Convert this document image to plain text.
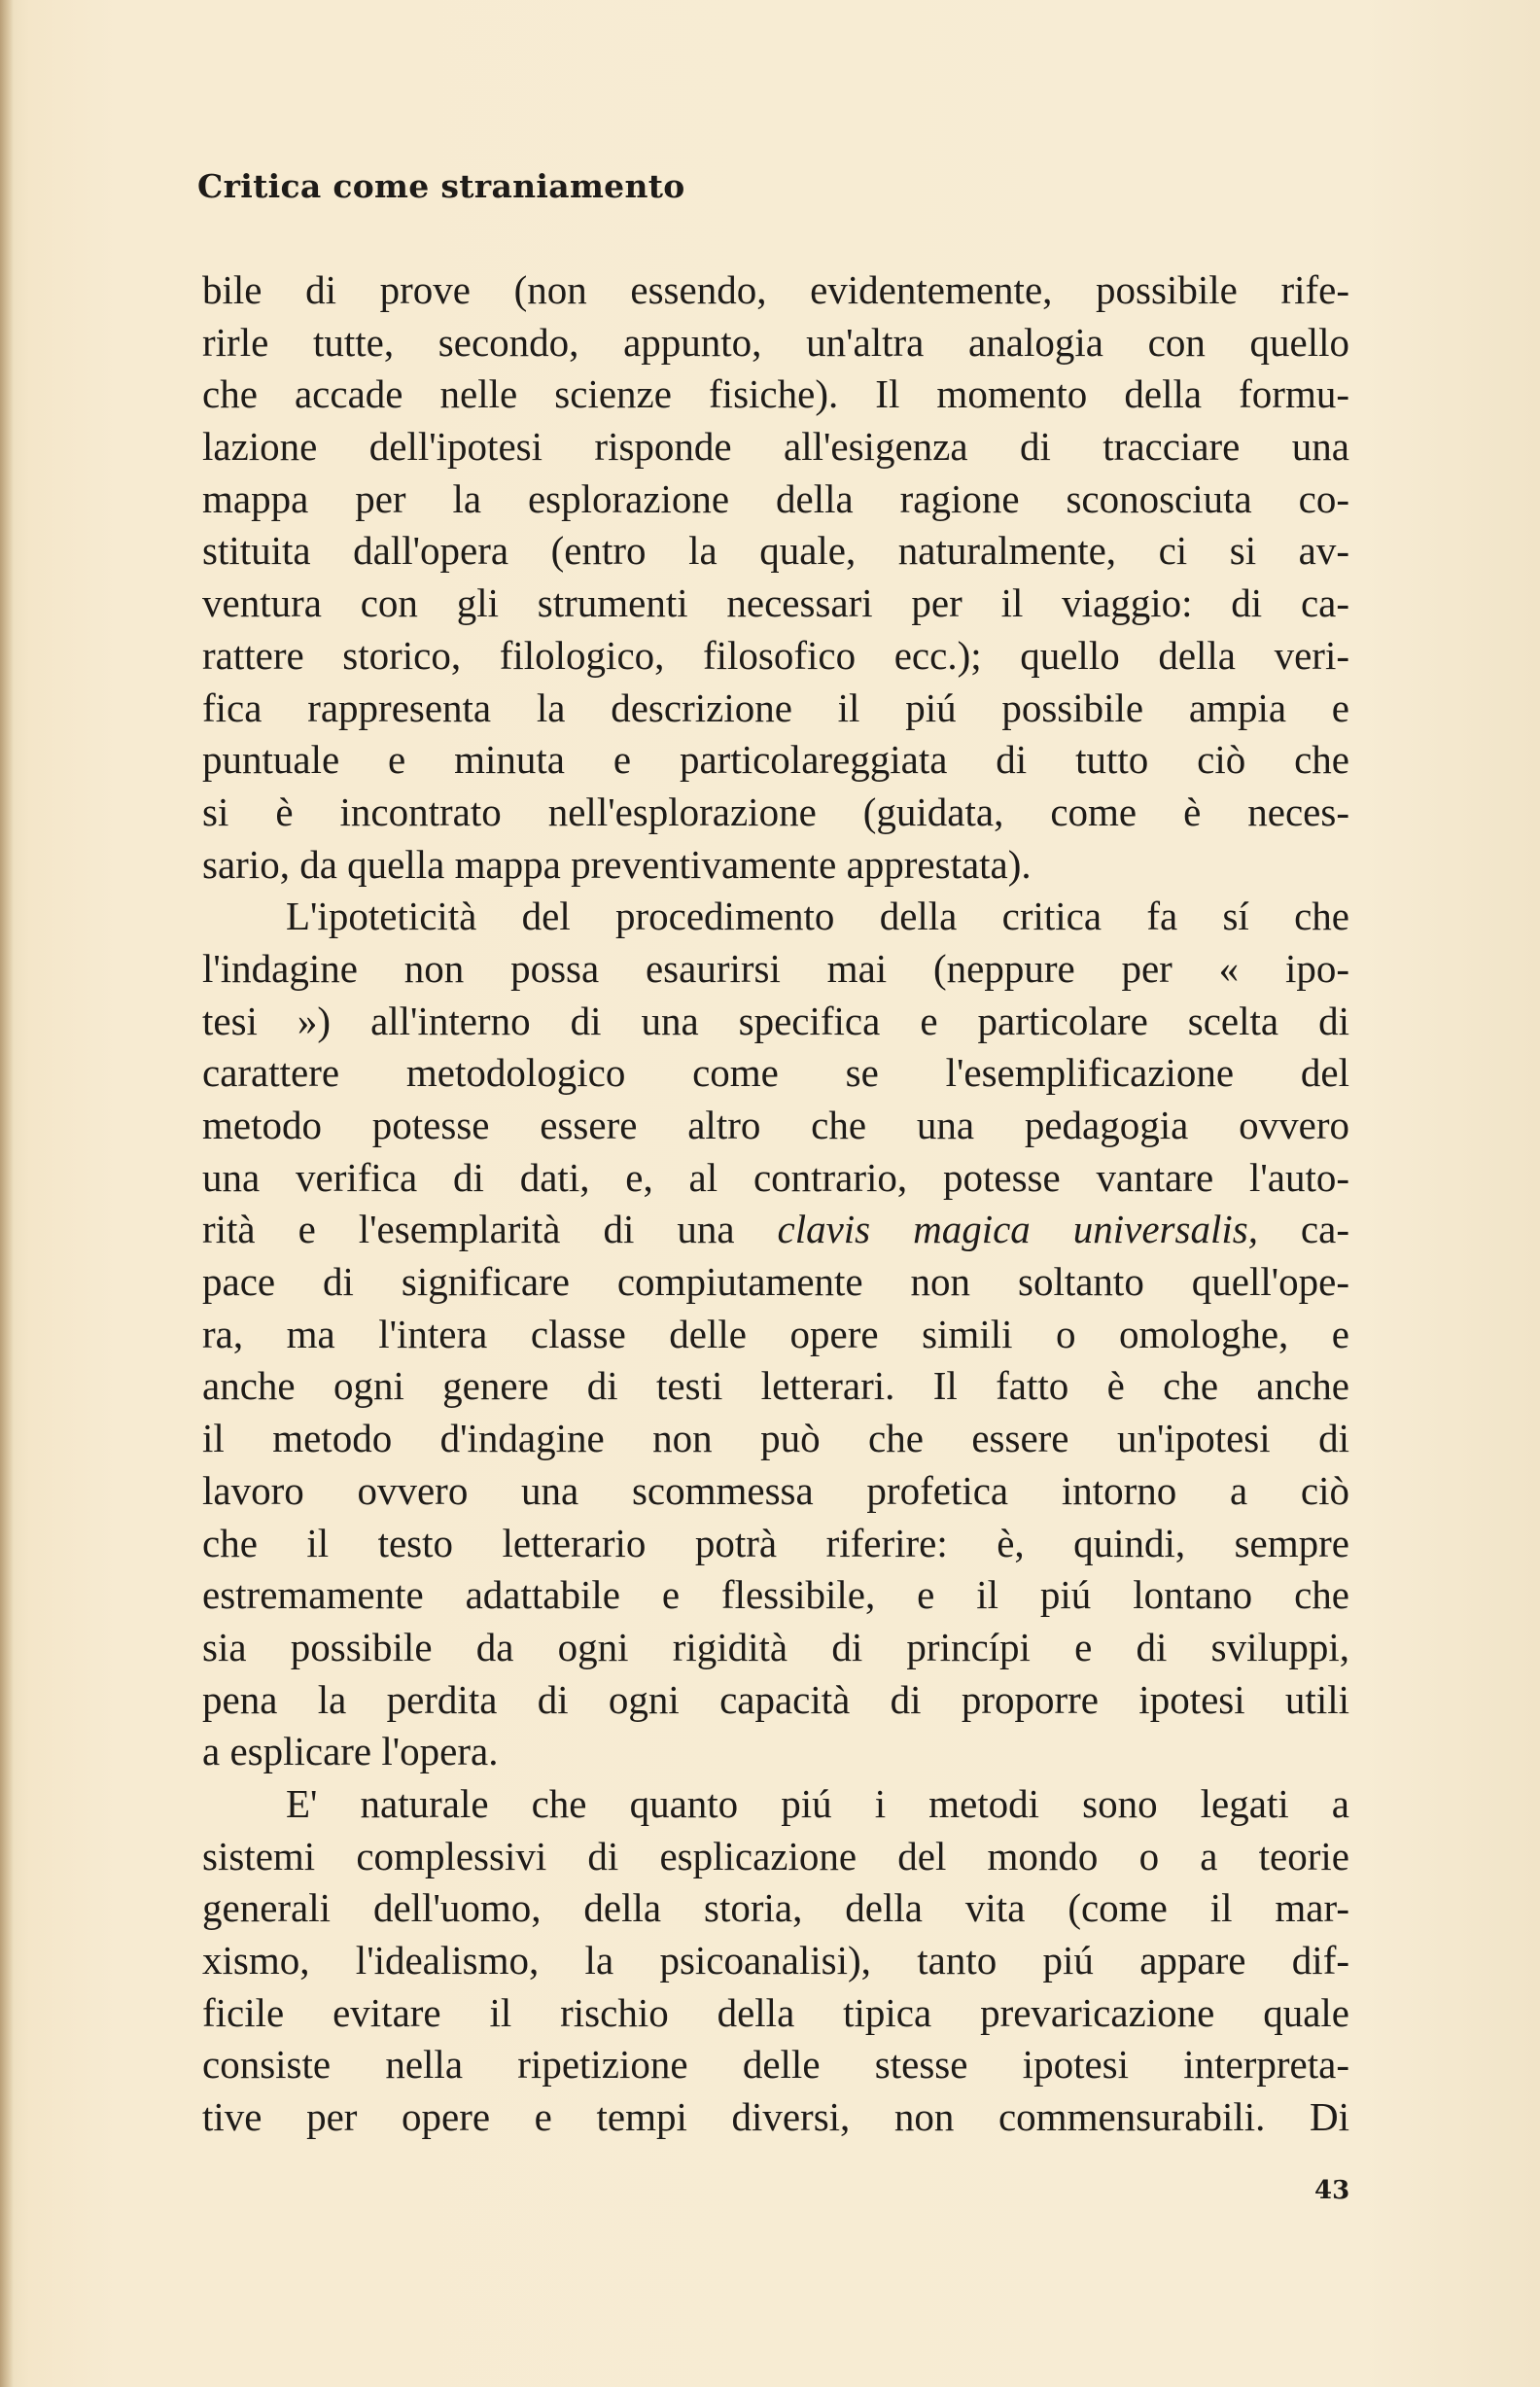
Critica come straniamento
bile di prove (non essendo, evidentemente, possibile rife-
rirle tutte, secondo, appunto, un'altra analogia con quello
che accade nelle scienze fisiche). Il momento della formu-
lazione dell'ipotesi risponde all'esigenza di tracciare una
mappa per la esplorazione della ragione sconosciuta co-
stituita dall'opera (entro la quale, naturalmente, ci si av-
ventura con gli strumenti necessari per il viaggio: di ca-
rattere storico, filologico, filosofico ecc.); quello della veri-
fica rappresenta la descrizione il piú possibile ampia e
puntuale e minuta e particolareggiata di tutto ciò che
si è incontrato nell'esplorazione (guidata, come è neces-
sario, da quella mappa preventivamente apprestata).
L'ipoteticità del procedimento della critica fa sí che
l'indagine non possa esaurirsi mai (neppure per « ipo-
tesi ») all'interno di una specifica e particolare scelta di
carattere metodologico come se l'esemplificazione del
metodo potesse essere altro che una pedagogia ovvero
una verifica di dati, e, al contrario, potesse vantare l'auto-
rità e l'esemplarità di una clavis magica universalis, ca-
pace di significare compiutamente non soltanto quell'ope-
ra, ma l'intera classe delle opere simili o omologhe, e
anche ogni genere di testi letterari. Il fatto è che anche
il metodo d'indagine non può che essere un'ipotesi di
lavoro ovvero una scommessa profetica intorno a ciò
che il testo letterario potrà riferire: è, quindi, sempre
estremamente adattabile e flessibile, e il piú lontano che
sia possibile da ogni rigidità di princípi e di sviluppi,
pena la perdita di ogni capacità di proporre ipotesi utili
a esplicare l'opera.
E' naturale che quanto piú i metodi sono legati a
sistemi complessivi di esplicazione del mondo o a teorie
generali dell'uomo, della storia, della vita (come il mar-
xismo, l'idealismo, la psicoanalisi), tanto piú appare dif-
ficile evitare il rischio della tipica prevaricazione quale
consiste nella ripetizione delle stesse ipotesi interpreta-
tive per opere e tempi diversi, non commensurabili. Di
43
